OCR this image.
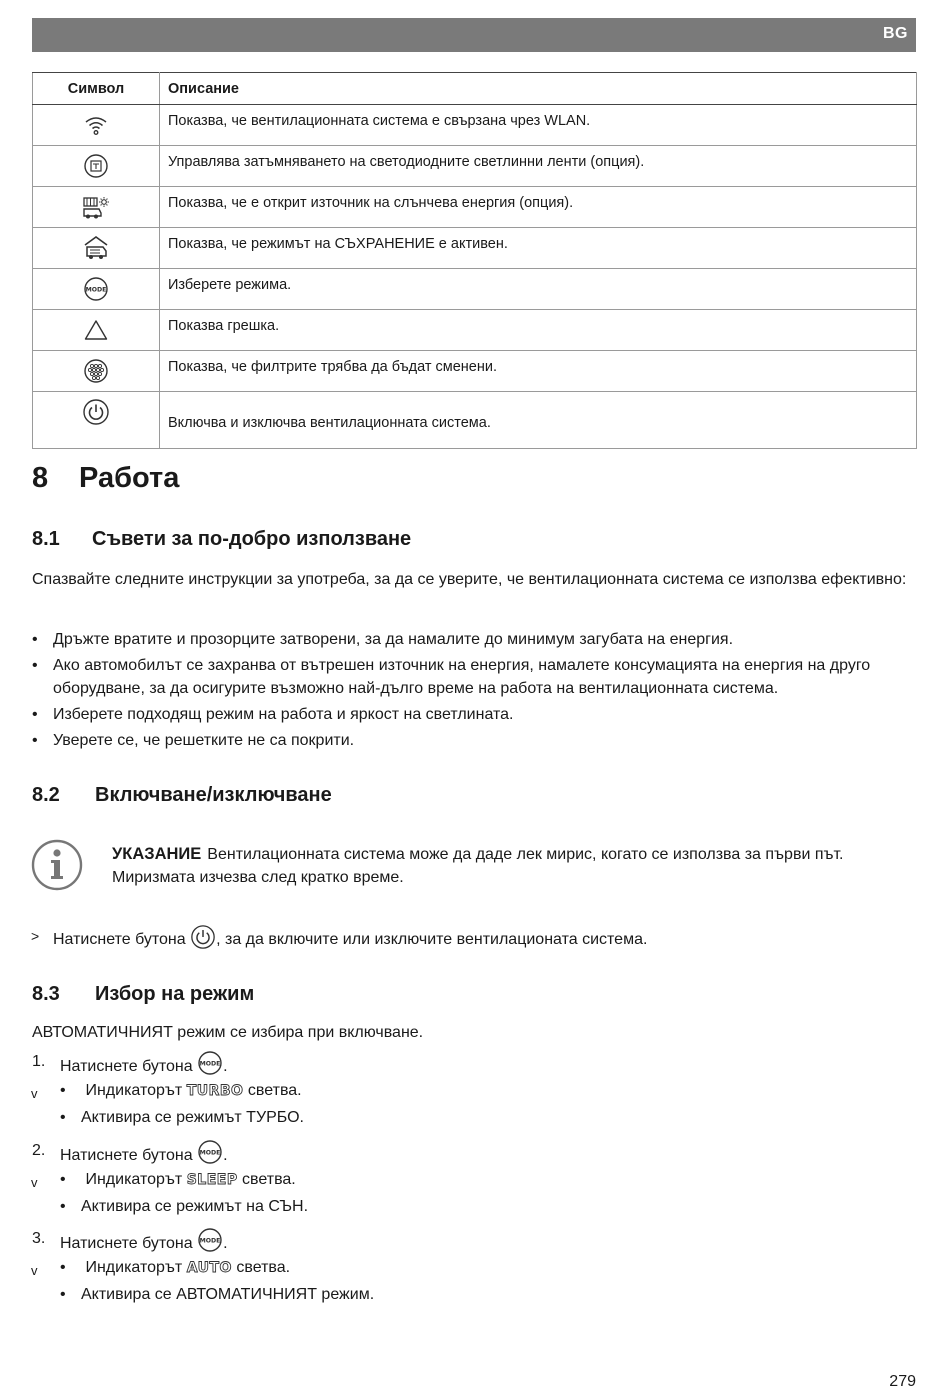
BG
Символ	Описание
	Показва, че вентилационната система е свързана чрез WLAN.
	Управлява затъмняването на светодиодните светлинни ленти (опция).
	Показва, че е открит източник на слънчева енергия (опция).
	Показва, че режимът на СЪХРАНЕНИЕ е активен.

MODE	Изберете режима.
	Показва грешка.
	Показва, че филтрите трябва да бъдат сменени.
	Включва и изключва вентилационната система.
8 Работа
8.1 Съвети за по-добро използване

Спазвайте следните инструкции за употреба, за да се уверите, че вентилационната система се използва ефективно:

• Дръжте вратите и прозорците затворени, за да намалите до минимум загубата на енергия.
• Ако автомобилът се захранва от вътрешен източник на енергия, намалете консумацията на енергия на друго оборудване, за да осигурите възможно най-дълго време на работа на вентилационната система.
• Изберете подходящ режим на работа и яркост на светлината.
• Уверете се, че решетките не са покрити.
8.2 Включване/изключване
УКАЗАНИЕ Вентилационната система може да даде лек мирис, когато се използва за първи път. Миризмата изчезва след кратко време.
> Натиснете бутона , за да включите или изключите вентилационата система.
8.3 Избор на режим

АВТОМАТИЧНИЯТ режим се избира при включване.

1. Натиснете бутона MODE .
v	• Индикаторът TURBO светва.
• Активира се режимът ТУРБО.
2. Натиснете бутона MODE .
v	• Индикаторът SLEEP светва.
• Активира се режимът на СЪН.
3. Натиснете бутона MODE .
v	• Индикаторът AUTO светва.
• Активира се АВТОМАТИЧНИЯТ режим.
279
